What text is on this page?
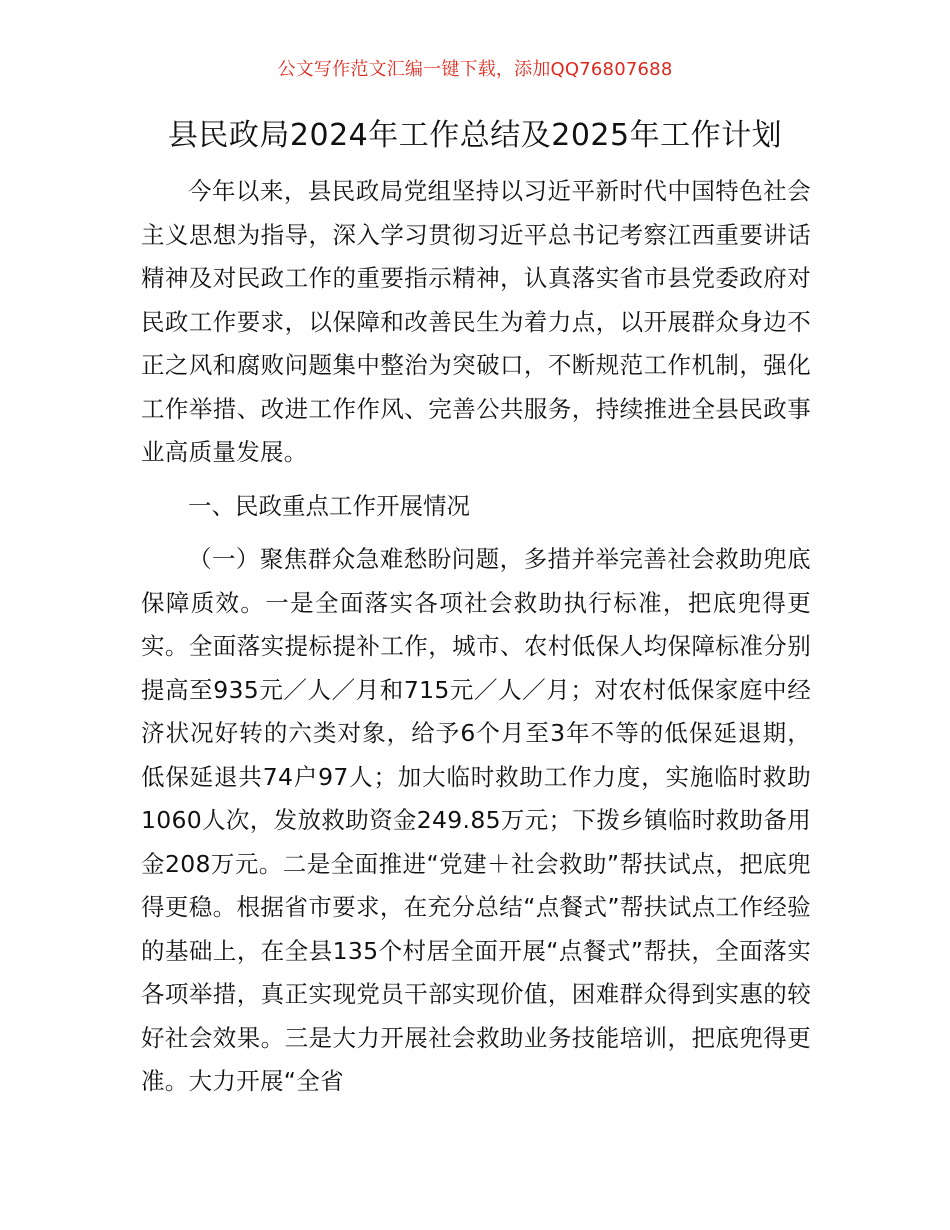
公文写作范文汇编一键下载，添加QQ76807688
县民政局2024年工作总结及2025年工作计划

今年以来，县民政局党组坚持以习近平新时代中国特色社会主义思想为指导，深入学习贯彻习近平总书记考察江西重要讲话精神及对民政工作的重要指示精神，认真落实省市县党委政府对民政工作要求，以保障和改善民生为着力点，以开展群众身边不正之风和腐败问题集中整治为突破口，不断规范工作机制，强化工作举措、改进工作作风、完善公共服务，持续推进全县民政事业高质量发展。

一、民政重点工作开展情况

（一）聚焦群众急难愁盼问题，多措并举完善社会救助兜底保障质效。一是全面落实各项社会救助执行标准，把底兜得更实。全面落实提标提补工作，城市、农村低保人均保障标准分别提高至935元／人／月和715元／人／月；对农村低保家庭中经济状况好转的六类对象，给予6个月至3年不等的低保延退期，低保延退共74户97人；加大临时救助工作力度，实施临时救助1060人次，发放救助资金249.85万元；下拨乡镇临时救助备用金208万元。二是全面推进“党建＋社会救助”帮扶试点，把底兜得更稳。根据省市要求，在充分总结“点餐式”帮扶试点工作经验的基础上，在全县135个村居全面开展“点餐式”帮扶，全面落实各项举措，真正实现党员干部实现价值，困难群众得到实惠的较好社会效果。三是大力开展社会救助业务技能培训，把底兜得更准。大力开展“全省
